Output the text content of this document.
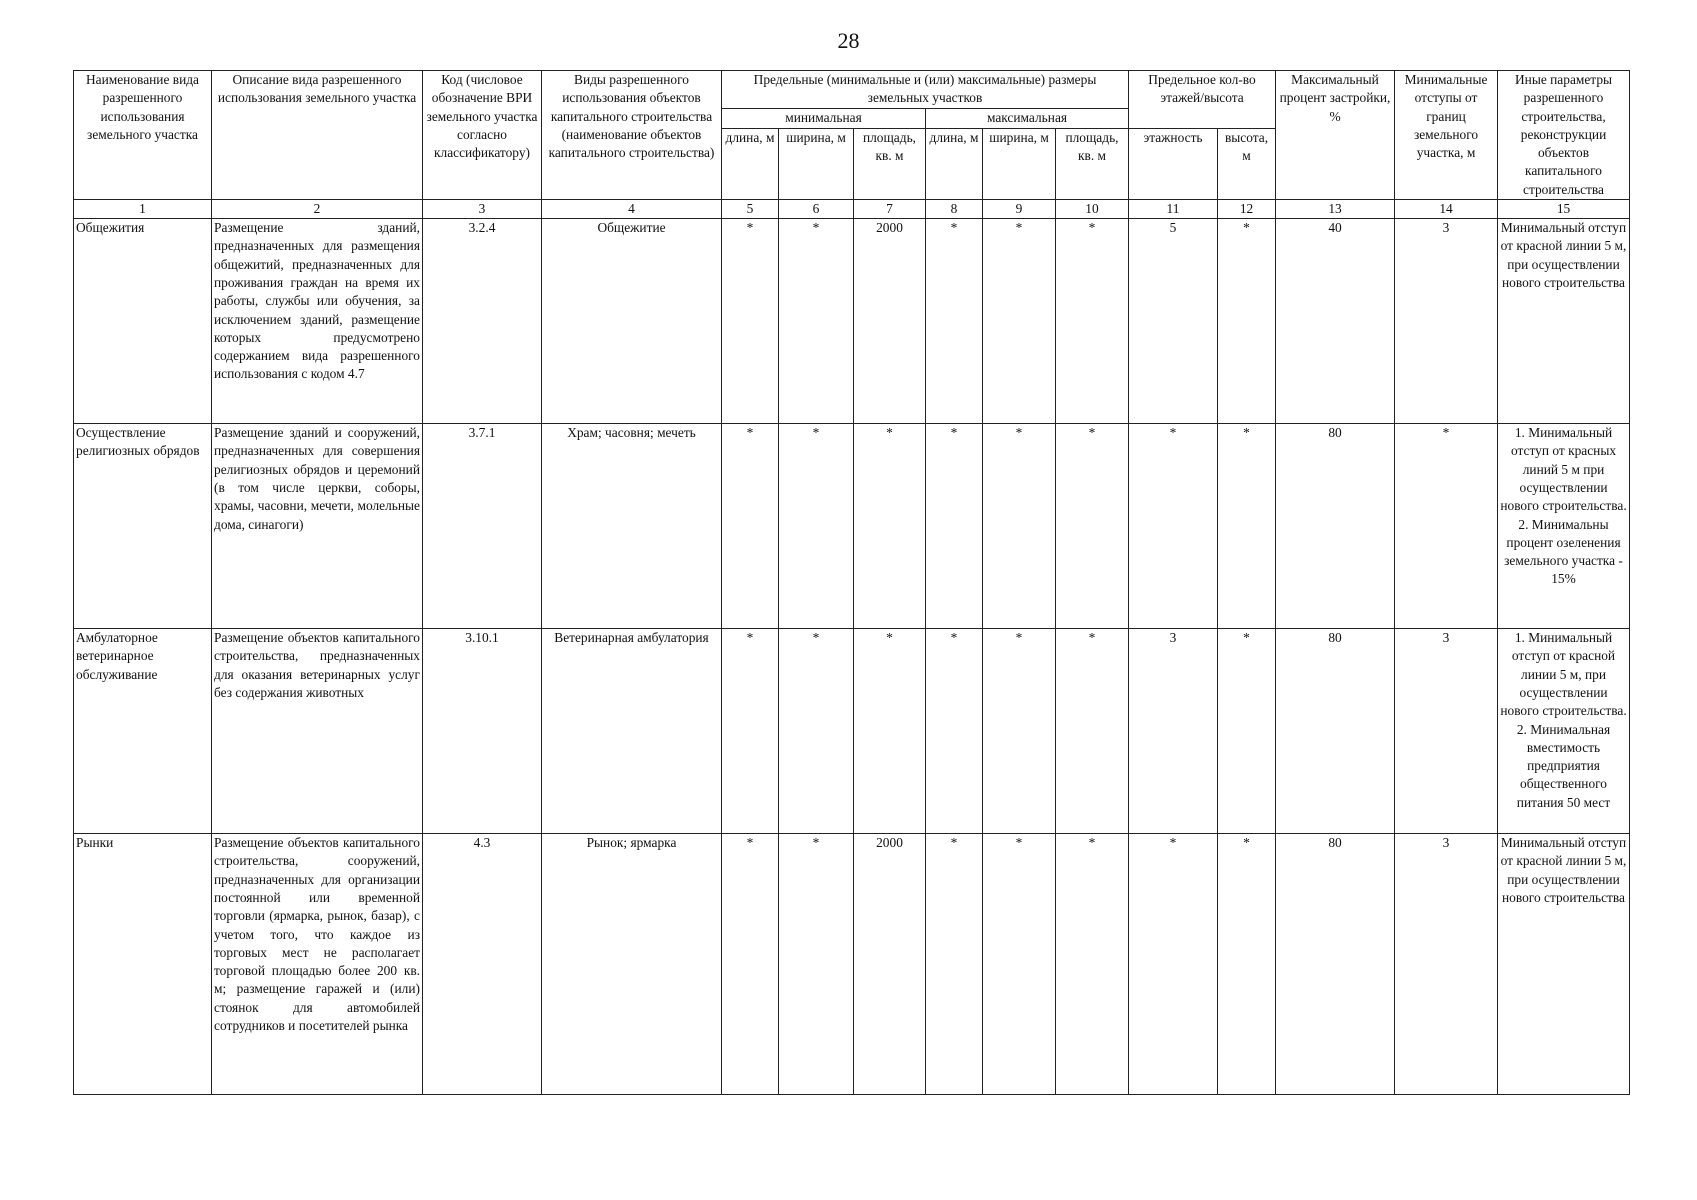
28
Наименование вида разрешенного использования земельного участка	Описание вида разрешенного использования земельного участка	Код (числовое обозначение ВРИ земельного участка согласно классификатору)	Виды разрешенного использования объектов капитального строительства (наименование объектов капитального строительства)	Предельные (минимальные и (или) максимальные) размеры земельных участков						Предельное кол-во этажей/высота		Максимальный процент застройки, %	Минимальные отступы от границ земельного участка, м	Иные параметры разрешенного строительства, реконструкции объектов капитального строительства
				минимальная			максимальная							
				длина, м	ширина, м	площадь, кв. м	длина, м	ширина, м	площадь, кв. м	этажность	высота, м			
1	2	3	4	5	6	7	8	9	10	11	12	13	14	15
Общежития	Размещение зданий, предназначенных для размещения общежитий, предназначенных для проживания граждан на время их работы, службы или обучения, за исключением зданий, размещение которых предусмотрено содержанием вида разрешенного использования с кодом 4.7	3.2.4	Общежитие	*	*	2000	*	*	*	5	*	40	3	Минимальный отступ от красной линии 5 м, при осуществлении нового строительства
Осуществление религиозных обрядов	Размещение зданий и сооружений, предназначенных для совершения религиозных обрядов и церемоний (в том числе церкви, соборы, храмы, часовни, мечети, молельные дома, синагоги)	3.7.1	Храм; часовня; мечеть	*	*	*	*	*	*	*	*	80	*	1. Минимальный отступ от красных линий 5 м при осуществлении нового строительства. 2. Минимальны процент озеленения земельного участка - 15%
Амбулаторное ветеринарное обслуживание	Размещение объектов капитального строительства, предназначенных для оказания ветеринарных услуг без содержания животных	3.10.1	Ветеринарная амбулатория	*	*	*	*	*	*	3	*	80	3	1. Минимальный отступ от красной линии 5 м, при осуществлении нового строительства. 2. Минимальная вместимость предприятия общественного питания 50 мест
Рынки	Размещение объектов капитального строительства, сооружений, предназначенных для организации постоянной или временной торговли (ярмарка, рынок, базар), с учетом того, что каждое из торговых мест не располагает торговой площадью более 200 кв. м; размещение гаражей и (или) стоянок для автомобилей сотрудников и посетителей рынка	4.3	Рынок; ярмарка	*	*	2000	*	*	*	*	*	80	3	Минимальный отступ от красной линии 5 м, при осуществлении нового строительства
